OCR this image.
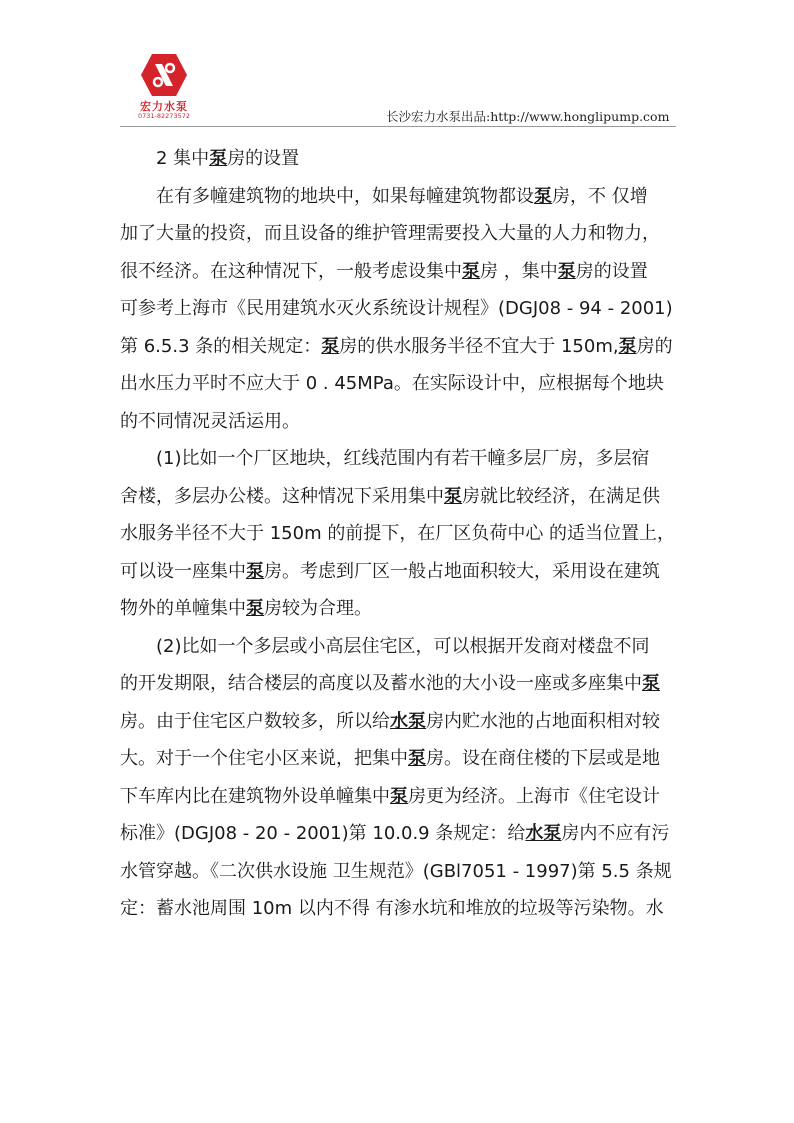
宏力水泵
0731-82273572	长沙宏力水泵出品:http://www.honglipump.com
2 集中泵房的设置
在有多幢建筑物的地块中，如果每幢建筑物都设泵房，不 仅增
加了大量的投资，而且设备的维护管理需要投入大量的人力和物力，
很不经济。在这种情况下，一般考虑设集中泵房 ，集中泵房的设置
可参考上海市《民用建筑水灭火系统设计规程》(DGJ08 - 94 - 2001)
第 6.5.3 条的相关规定：泵房的供水服务半径不宜大于 150m,泵房的
出水压力平时不应大于 0 . 45MPa。在实际设计中，应根据每个地块
的不同情况灵活运用。
(1)比如一个厂区地块，红线范围内有若干幢多层厂房，多层宿
舍楼，多层办公楼。这种情况下采用集中泵房就比较经济，在满足供
水服务半径不大于 150m 的前提下，在厂区负荷中心 的适当位置上，
可以设一座集中泵房。考虑到厂区一般占地面积较大，采用设在建筑
物外的单幢集中泵房较为合理。
(2)比如一个多层或小高层住宅区，可以根据开发商对楼盘不同
的开发期限，结合楼层的高度以及蓄水池的大小设一座或多座集中泵
房。由于住宅区户数较多，所以给水泵房内贮水池的占地面积相对较
大。对于一个住宅小区来说，把集中泵房。设在商住楼的下层或是地
下车库内比在建筑物外设单幢集中泵房更为经济。上海市《住宅设计
标准》(DGJ08 - 20 - 2001)第 10.0.9 条规定：给水泵房内不应有污
水管穿越。《二次供水设施 卫生规范》(GBl7051 - 1997)第 5.5 条规
定：蓄水池周围 10m 以内不得 有渗水坑和堆放的垃圾等污染物。水
